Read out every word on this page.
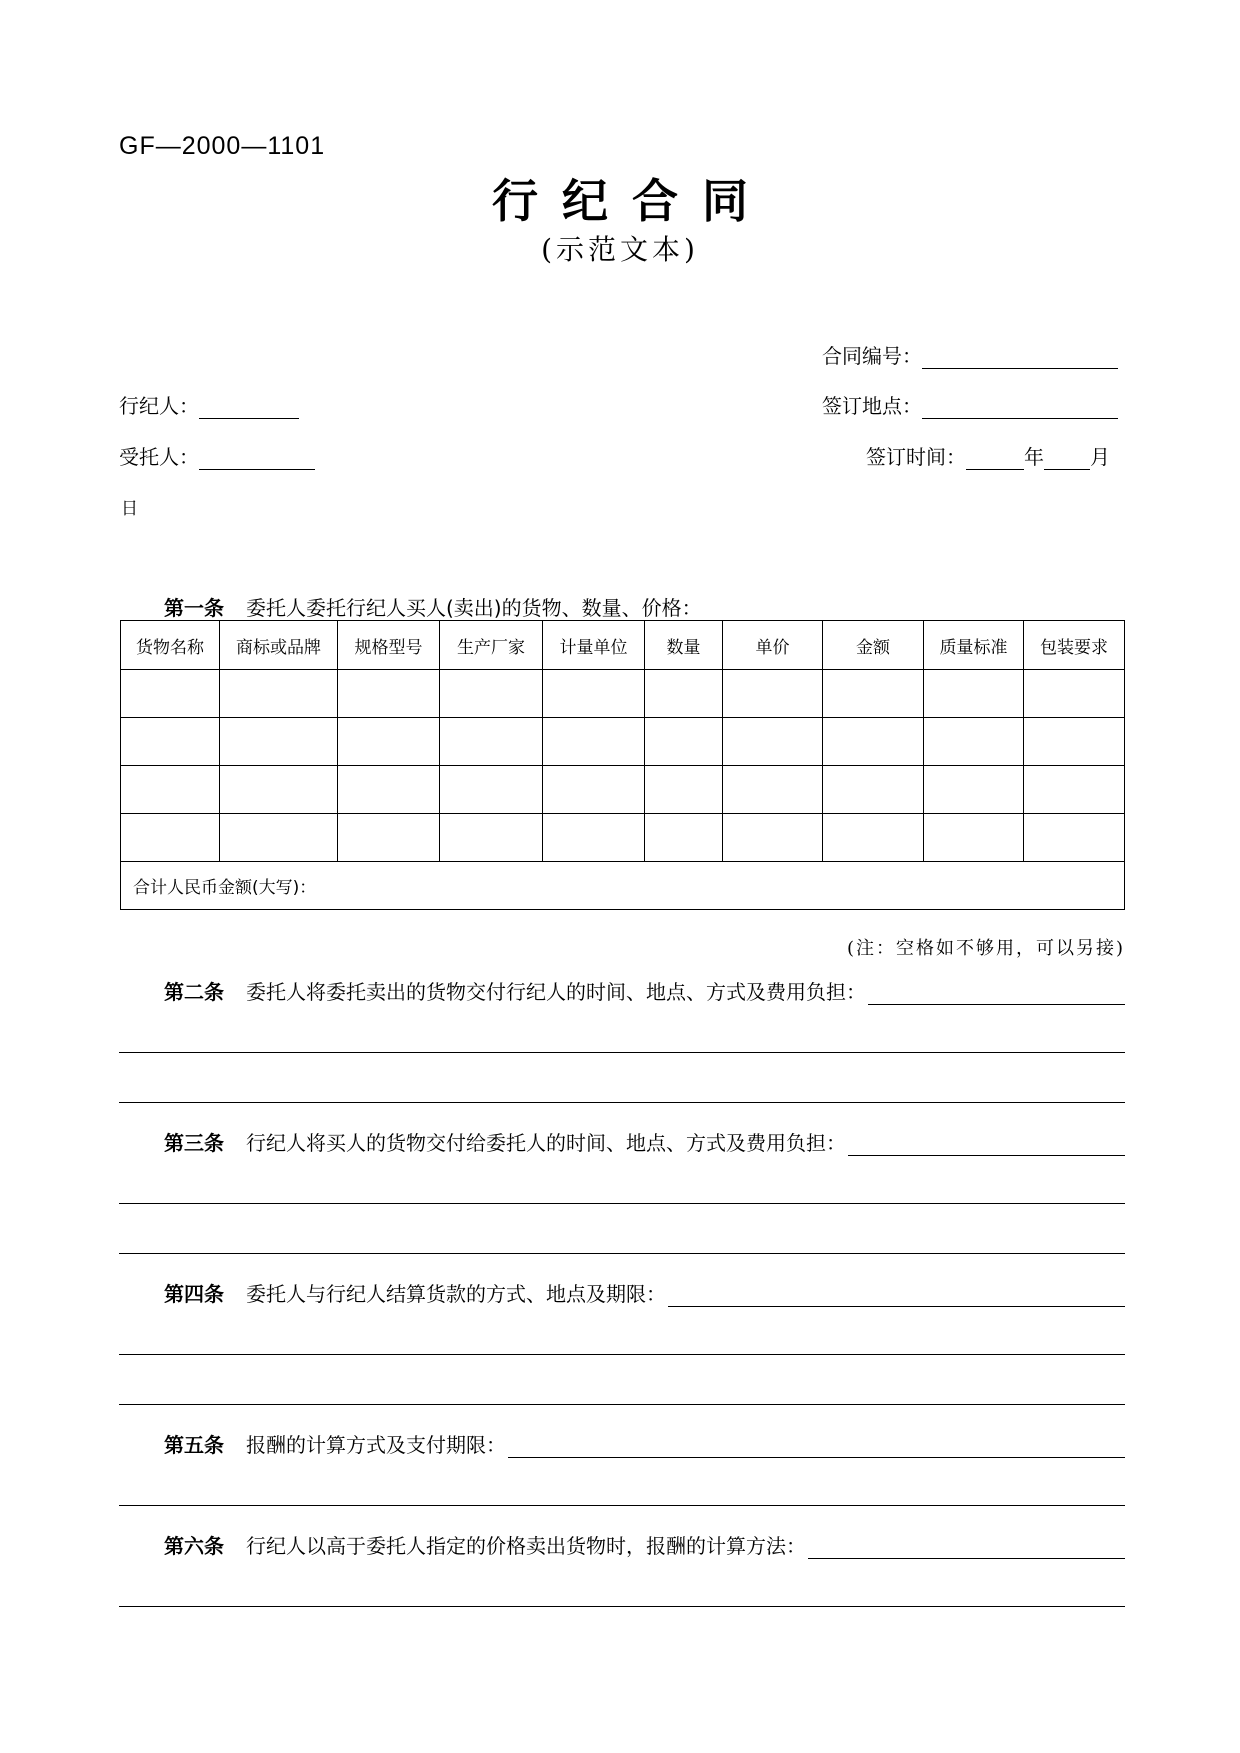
GF—2000—1101
行纪合同
(示范文本)
合同编号：
行纪人：	签订地点：
受托人：	签订时间：	年 月
日
第一条 委托人委托行纪人买人(卖出)的货物、数量、价格：
货物名称	商标或品牌	规格型号	生产厂家	计量单位	数量	单价	金额	质量标准	包装要求

合计人民币金额(大写)：									
(注：空格如不够用，可以另接)
第二条 委托人将委托卖出的货物交付行纪人的时间、地点、方式及费用负担：
第三条 行纪人将买人的货物交付给委托人的时间、地点、方式及费用负担：
第四条 委托人与行纪人结算货款的方式、地点及期限：
第五条 报酬的计算方式及支付期限：
第六条 行纪人以高于委托人指定的价格卖出货物时，报酬的计算方法：
